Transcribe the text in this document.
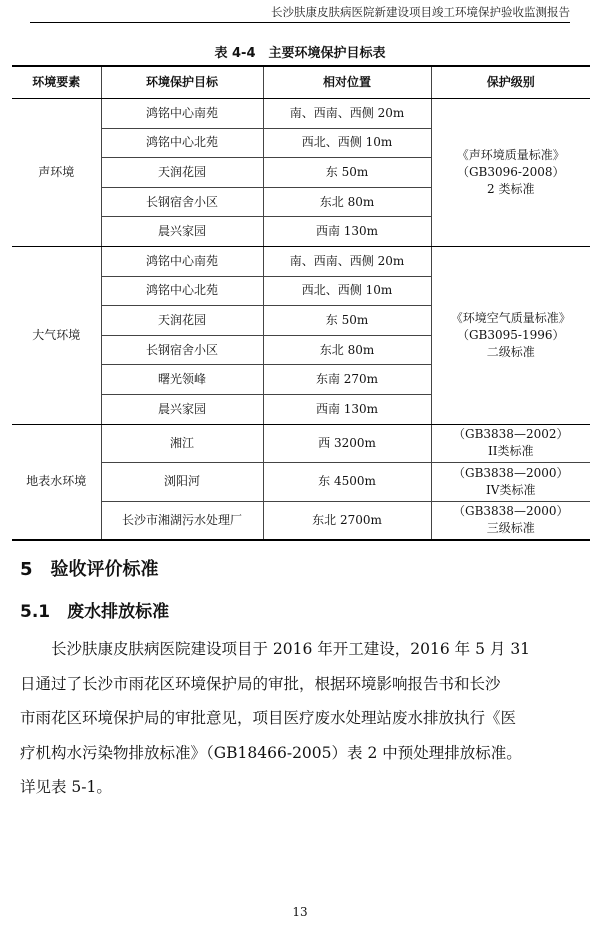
长沙肤康皮肤病医院新建设项目竣工环境保护验收监测报告
表 4-4　主要环境保护目标表
环境要素	环境保护目标	相对位置	保护级别
声环境	鸿铭中心南苑	南、西南、西侧 20m	《声环境质量标准》
（GB3096-2008）
2 类标准

	鸿铭中心北苑	西北、西侧 10m	
	天润花园	东 50m	
	长钢宿舍小区	东北 80m	
	晨兴家园	西南 130m	
大气环境	鸿铭中心南苑	南、西南、西侧 20m	《环境空气质量标准》
（GB3095-1996）
二级标准

	鸿铭中心北苑	西北、西侧 10m	
	天润花园	东 50m	
	长钢宿舍小区	东北 80m	
	曙光领峰	东南 270m	
	晨兴家园	西南 130m	
地表水环境	湘江	西 3200m	（GB3838—2002）
II类标准

	浏阳河	东 4500m	（GB3838—2000）
IV类标准

	长沙市湘湖污水处理厂	东北 2700m	（GB3838—2000）
三级标准
5　验收评价标准
5.1　废水排放标准
　　长沙肤康皮肤病医院建设项目于 2016 年开工建设，2016 年 5 月 31
日通过了长沙市雨花区环境保护局的审批，根据环境影响报告书和长沙
市雨花区环境保护局的审批意见，项目医疗废水处理站废水排放执行《医
疗机构水污染物排放标准》（GB18466-2005）表 2 中预处理排放标准。
详见表 5-1。
13
